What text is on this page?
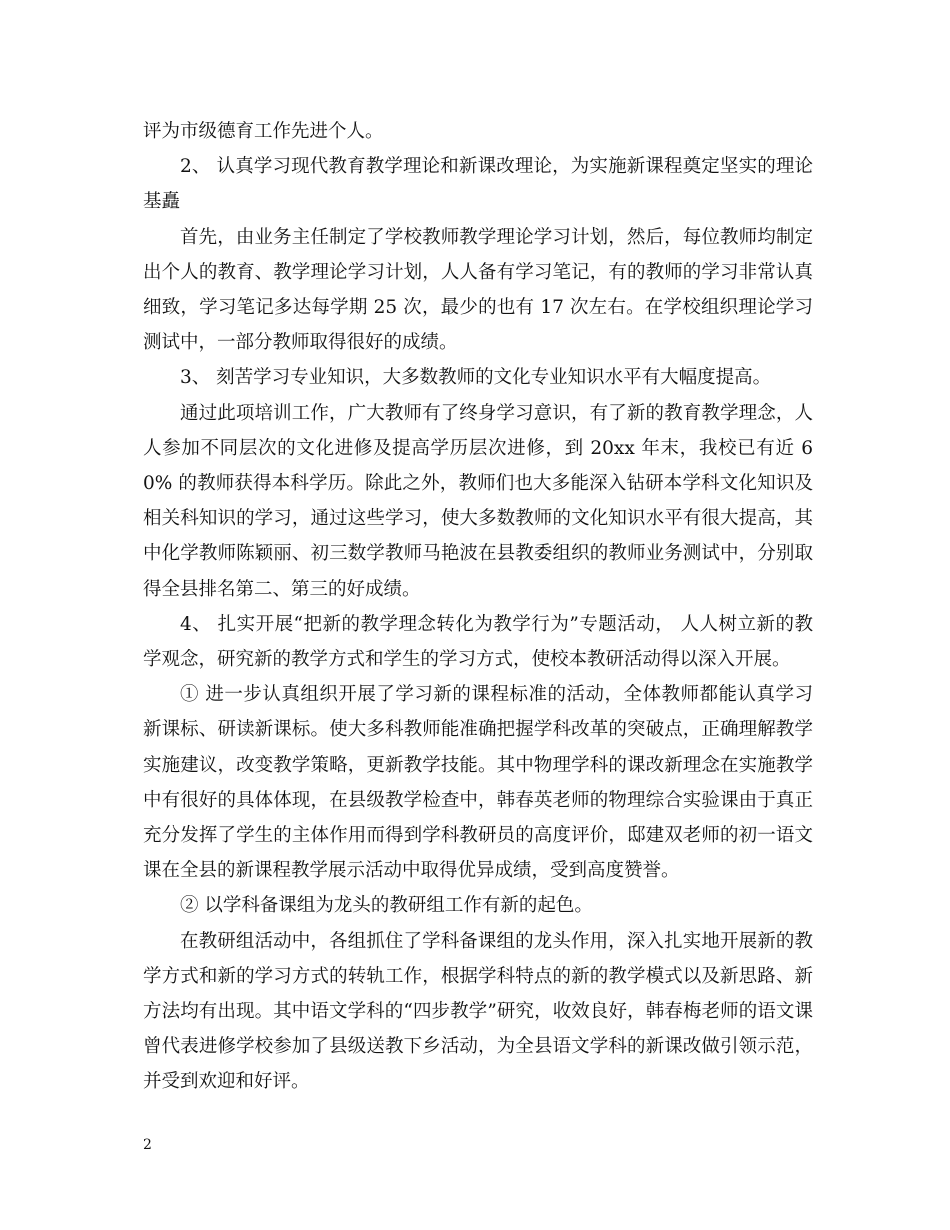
评为市级德育工作先进个人。

2、 认真学习现代教育教学理论和新课改理论，为实施新课程奠定坚实的理论基矗

首先，由业务主任制定了学校教师教学理论学习计划，然后，每位教师均制定出个人的教育、教学理论学习计划，人人备有学习笔记，有的教师的学习非常认真细致，学习笔记多达每学期 25 次，最少的也有 17 次左右。在学校组织理论学习测试中，一部分教师取得很好的成绩。

3、 刻苦学习专业知识，大多数教师的文化专业知识水平有大幅度提高。

通过此项培训工作，广大教师有了终身学习意识，有了新的教育教学理念，人人参加不同层次的文化进修及提高学历层次进修，到 20xx 年末，我校已有近 60% 的教师获得本科学历。除此之外，教师们也大多能深入钻研本学科文化知识及相关科知识的学习，通过这些学习，使大多数教师的文化知识水平有很大提高，其中化学教师陈颖丽、初三数学教师马艳波在县教委组织的教师业务测试中，分别取得全县排名第二、第三的好成绩。

4、 扎实开展“把新的教学理念转化为教学行为”专题活动， 人人树立新的教学观念，研究新的教学方式和学生的学习方式，使校本教研活动得以深入开展。

① 进一步认真组织开展了学习新的课程标准的活动，全体教师都能认真学习新课标、研读新课标。使大多科教师能准确把握学科改革的突破点，正确理解教学实施建议，改变教学策略，更新教学技能。其中物理学科的课改新理念在实施教学中有很好的具体体现，在县级教学检查中，韩春英老师的物理综合实验课由于真正充分发挥了学生的主体作用而得到学科教研员的高度评价，邸建双老师的初一语文课在全县的新课程教学展示活动中取得优异成绩，受到高度赞誉。

② 以学科备课组为龙头的教研组工作有新的起色。

在教研组活动中，各组抓住了学科备课组的龙头作用，深入扎实地开展新的教学方式和新的学习方式的转轨工作，根据学科特点的新的教学模式以及新思路、新方法均有出现。其中语文学科的“四步教学”研究，收效良好，韩春梅老师的语文课曾代表进修学校参加了县级送教下乡活动，为全县语文学科的新课改做引领示范，并受到欢迎和好评。

2
